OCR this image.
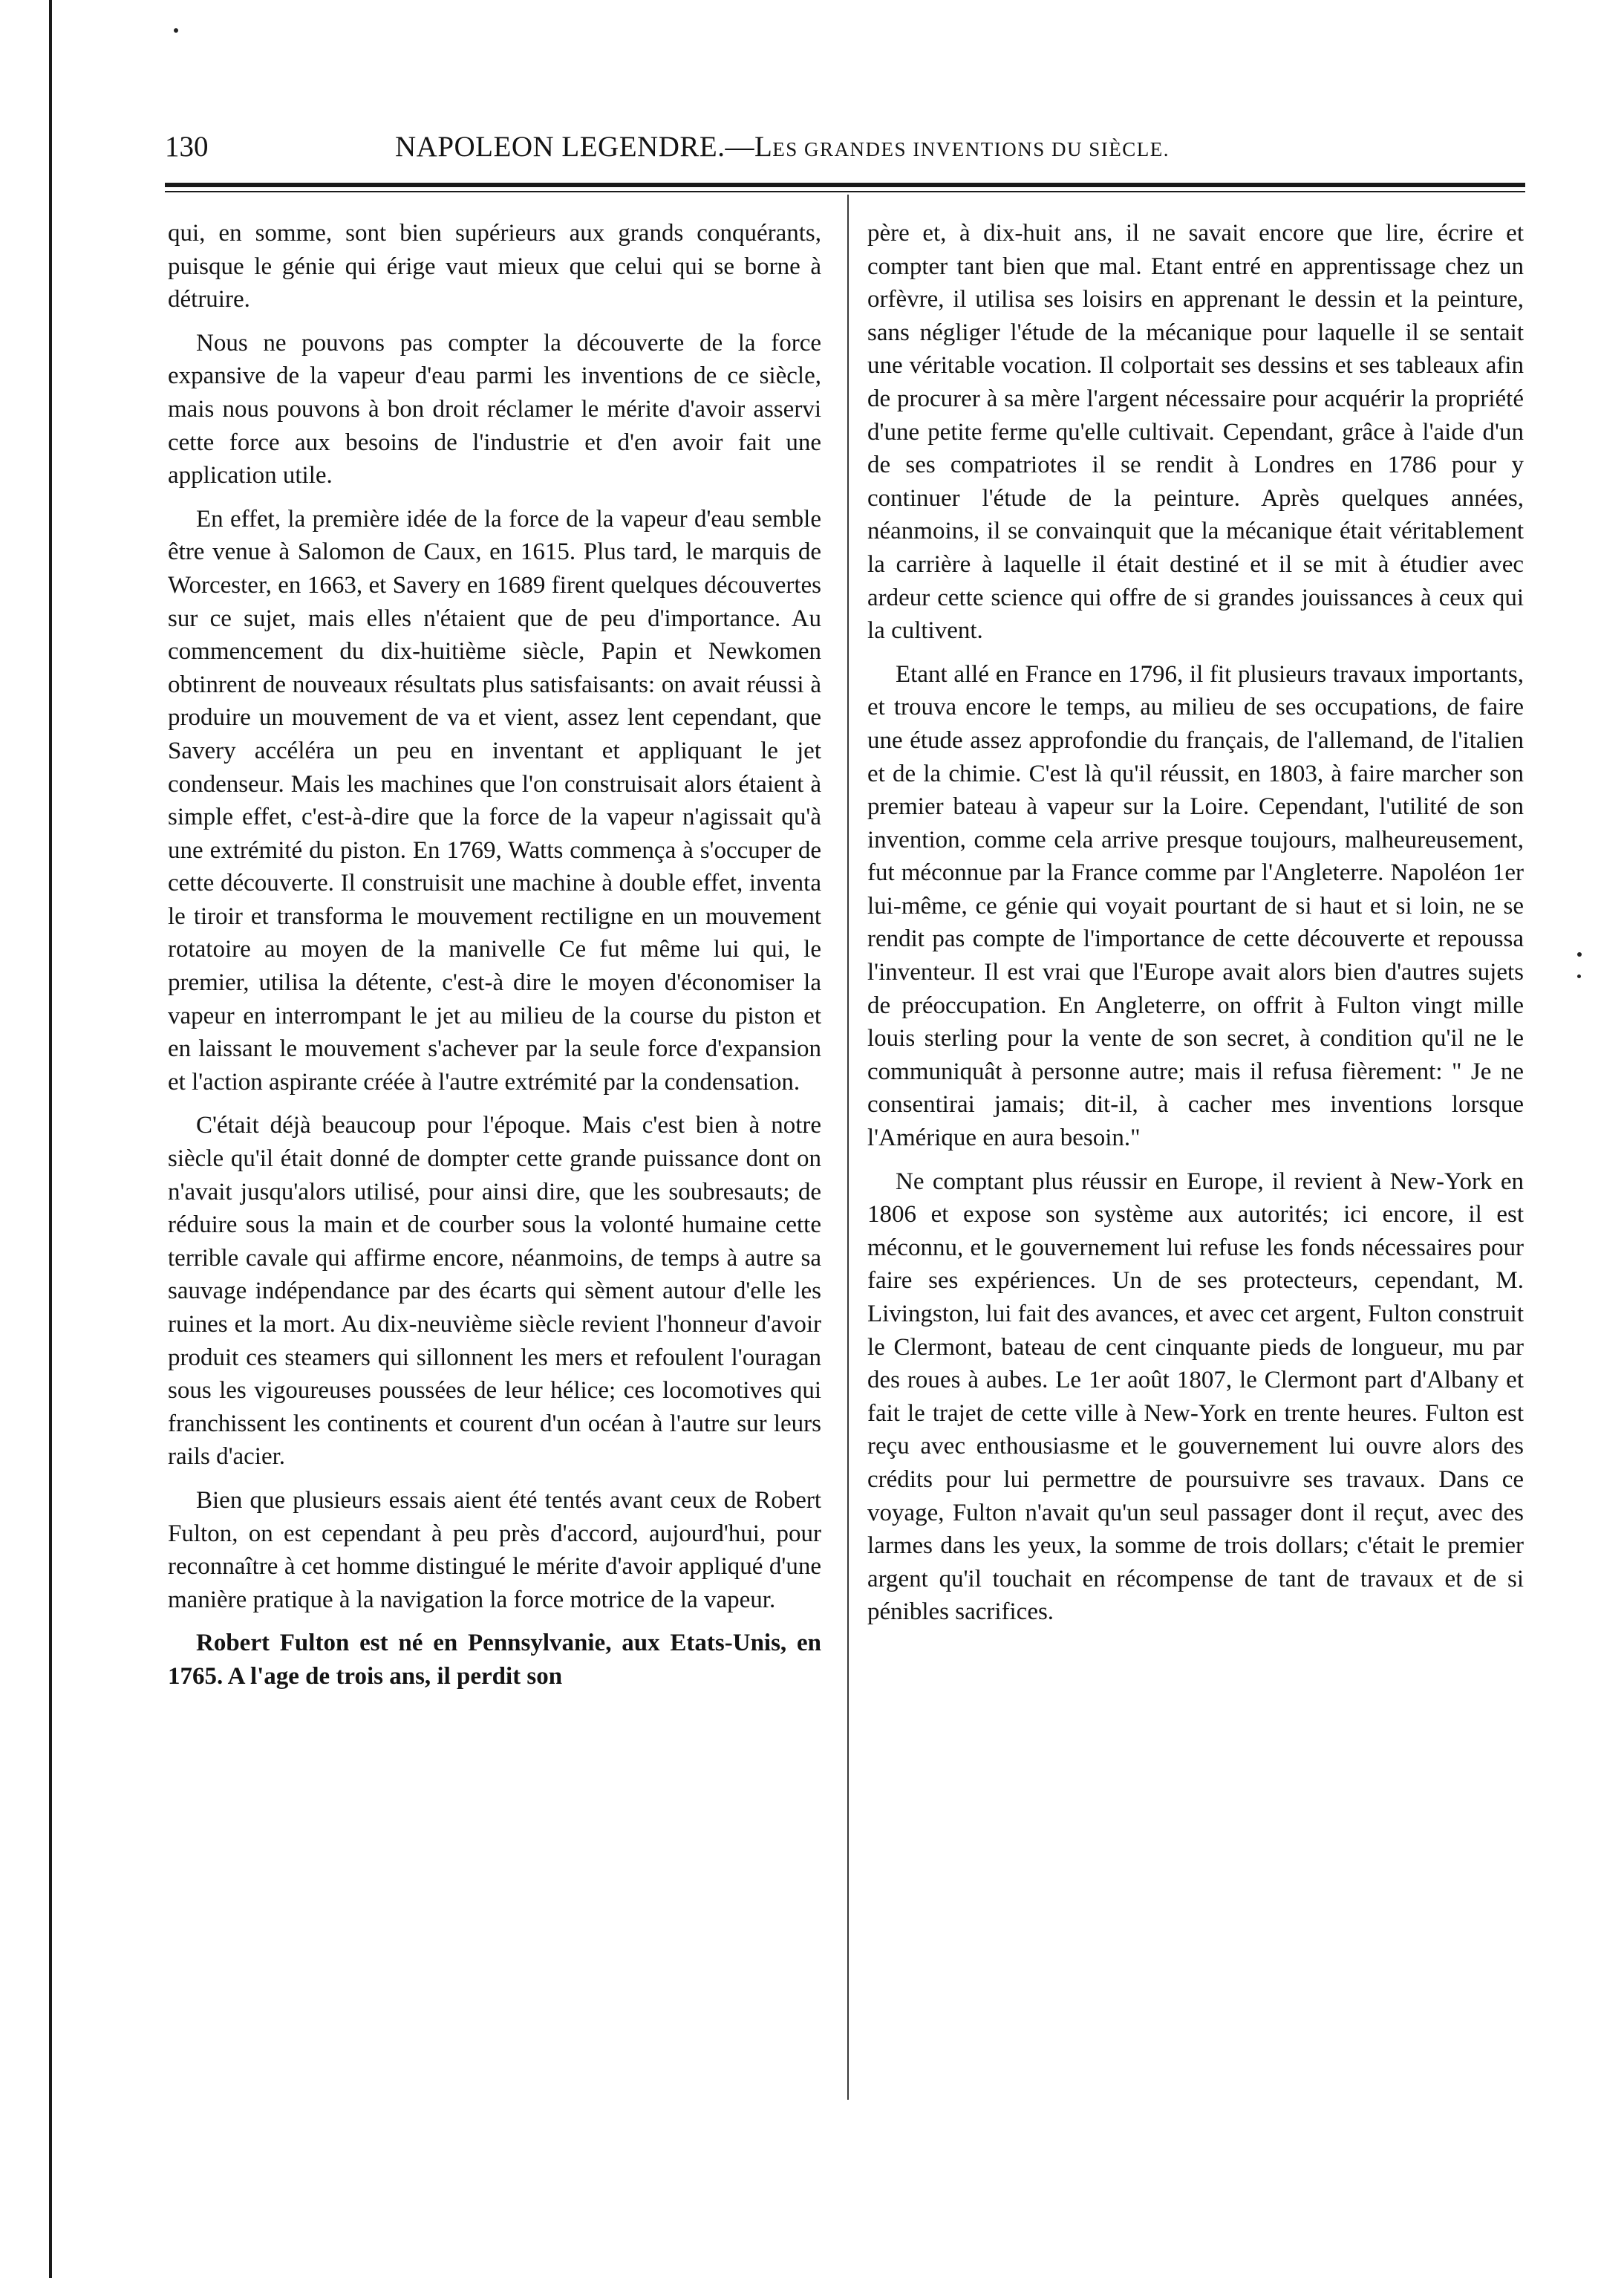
130	NAPOLEON LEGENDRE.—LES GRANDES INVENTIONS DU SIÈCLE.

qui, en somme, sont bien supérieurs aux grands conquérants, puisque le génie qui érige vaut mieux que celui qui se borne à détruire.

Nous ne pouvons pas compter la découverte de la force expansive de la vapeur d'eau parmi les inventions de ce siècle, mais nous pouvons à bon droit réclamer le mérite d'avoir asservi cette force aux besoins de l'industrie et d'en avoir fait une application utile.

En effet, la première idée de la force de la vapeur d'eau semble être venue à Salomon de Caux, en 1615. Plus tard, le marquis de Worcester, en 1663, et Savery en 1689 firent quelques découvertes sur ce sujet, mais elles n'étaient que de peu d'importance. Au commencement du dix-huitième siècle, Papin et Newkomen obtinrent de nouveaux résultats plus satisfaisants: on avait réussi à produire un mouvement de va et vient, assez lent cependant, que Savery accéléra un peu en inventant et appliquant le jet condenseur. Mais les machines que l'on construisait alors étaient à simple effet, c'est-à-dire que la force de la vapeur n'agissait qu'à une extrémité du piston. En 1769, Watts commença à s'occuper de cette découverte. Il construisit une machine à double effet, inventa le tiroir et transforma le mouvement rectiligne en un mouvement rotatoire au moyen de la manivelle Ce fut même lui qui, le premier, utilisa la détente, c'est-à dire le moyen d'économiser la vapeur en interrompant le jet au milieu de la course du piston et en laissant le mouvement s'achever par la seule force d'expansion et l'action aspirante créée à l'autre extrémité par la condensation.

C'était déjà beaucoup pour l'époque. Mais c'est bien à notre siècle qu'il était donné de dompter cette grande puissance dont on n'avait jusqu'alors utilisé, pour ainsi dire, que les soubresauts; de réduire sous la main et de courber sous la volonté humaine cette terrible cavale qui affirme encore, néanmoins, de temps à autre sa sauvage indépendance par des écarts qui sèment autour d'elle les ruines et la mort. Au dix-neuvième siècle revient l'honneur d'avoir produit ces steamers qui sillonnent les mers et refoulent l'ouragan sous les vigoureuses poussées de leur hélice; ces locomotives qui franchissent les continents et courent d'un océan à l'autre sur leurs rails d'acier.

Bien que plusieurs essais aient été tentés avant ceux de Robert Fulton, on est cependant à peu près d'accord, aujourd'hui, pour reconnaître à cet homme distingué le mérite d'avoir appliqué d'une manière pratique à la navigation la force motrice de la vapeur.

Robert Fulton est né en Pennsylvanie, aux Etats-Unis, en 1765. A l'age de trois ans, il perdit son

père et, à dix-huit ans, il ne savait encore que lire, écrire et compter tant bien que mal. Etant entré en apprentissage chez un orfèvre, il utilisa ses loisirs en apprenant le dessin et la peinture, sans négliger l'étude de la mécanique pour laquelle il se sentait une véritable vocation. Il colportait ses dessins et ses tableaux afin de procurer à sa mère l'argent nécessaire pour acquérir la propriété d'une petite ferme qu'elle cultivait. Cependant, grâce à l'aide d'un de ses compatriotes il se rendit à Londres en 1786 pour y continuer l'étude de la peinture. Après quelques années, néanmoins, il se convainquit que la mécanique était véritablement la carrière à laquelle il était destiné et il se mit à étudier avec ardeur cette science qui offre de si grandes jouissances à ceux qui la cultivent.

Etant allé en France en 1796, il fit plusieurs travaux importants, et trouva encore le temps, au milieu de ses occupations, de faire une étude assez approfondie du français, de l'allemand, de l'italien et de la chimie. C'est là qu'il réussit, en 1803, à faire marcher son premier bateau à vapeur sur la Loire. Cependant, l'utilité de son invention, comme cela arrive presque toujours, malheureusement, fut méconnue par la France comme par l'Angleterre. Napoléon 1er lui-même, ce génie qui voyait pourtant de si haut et si loin, ne se rendit pas compte de l'importance de cette découverte et repoussa l'inventeur. Il est vrai que l'Europe avait alors bien d'autres sujets de préoccupation. En Angleterre, on offrit à Fulton vingt mille louis sterling pour la vente de son secret, à condition qu'il ne le communiquât à personne autre; mais il refusa fièrement: " Je ne consentirai jamais; dit-il, à cacher mes inventions lorsque l'Amérique en aura besoin."

Ne comptant plus réussir en Europe, il revient à New-York en 1806 et expose son système aux autorités; ici encore, il est méconnu, et le gouvernement lui refuse les fonds nécessaires pour faire ses expériences. Un de ses protecteurs, cependant, M. Livingston, lui fait des avances, et avec cet argent, Fulton construit le Clermont, bateau de cent cinquante pieds de longueur, mu par des roues à aubes. Le 1er août 1807, le Clermont part d'Albany et fait le trajet de cette ville à New-York en trente heures. Fulton est reçu avec enthousiasme et le gouvernement lui ouvre alors des crédits pour lui permettre de poursuivre ses travaux. Dans ce voyage, Fulton n'avait qu'un seul passager dont il reçut, avec des larmes dans les yeux, la somme de trois dollars; c'était le premier argent qu'il touchait en récompense de tant de travaux et de si pénibles sacrifices.
